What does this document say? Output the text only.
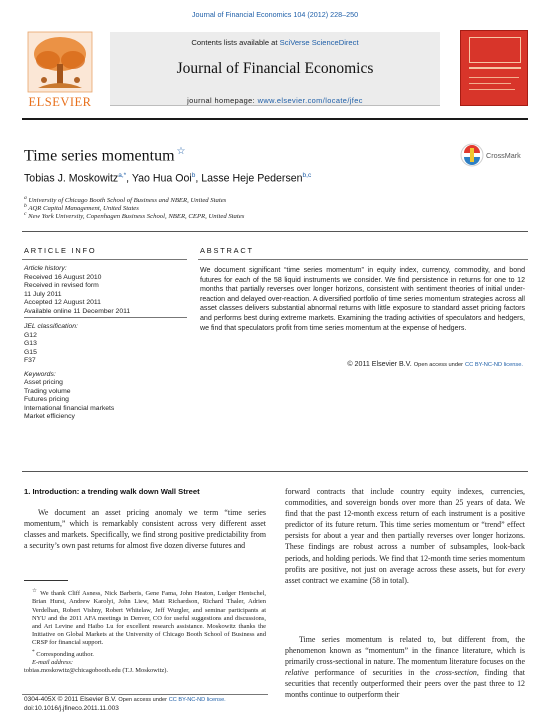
Journal of Financial Economics 104 (2012) 228–250
Contents lists available at SciVerse ScienceDirect
Journal of Financial Economics
journal homepage: www.elsevier.com/locate/jfec
ELSEVIER
Time series momentum ☆	CrossMark
Tobias J. Moskowitz$^{a,*}$, Yao Hua Ooi$^b$, Lasse Heje Pedersen$^{b,c}$
$^a$ University of Chicago Booth School of Business and NBER, United States
$^b$ AQR Capital Management, United States
$^c$ New York University, Copenhagen Business School, NBER, CEPR, United States
ARTICLE INFO	ABSTRACT
Article history:
Received 16 August 2010
Received in revised form
11 July 2011
Accepted 12 August 2011
Available online 11 December 2011
JEL classification:
G12
G13
G15
F37
Keywords:
Asset pricing
Trading volume
Futures pricing
International financial markets
Market efficiency
We document significant “time series momentum” in equity index, currency, commodity, and bond futures for each of the 58 liquid instruments we consider. We find persistence in returns for one to 12 months that partially reverses over longer horizons, consistent with sentiment theories of initial under-reaction and delayed over-reaction. A diversified portfolio of time series momentum strategies across all asset classes delivers substantial abnormal returns with little exposure to standard asset pricing factors and performs best during extreme markets. Examining the trading activities of speculators and hedgers, we find that speculators profit from time series momentum at the expense of hedgers.
© 2011 Elsevier B.V. Open access under CC BY-NC-ND license.
1. Introduction: a trending walk down Wall Street
We document an asset pricing anomaly we term “time series momentum,” which is remarkably consistent across very different asset classes and markets. Specifically, we find strong positive predictability from a security’s own past returns for almost five dozen diverse futures and
forward contracts that include country equity indexes, currencies, commodities, and sovereign bonds over more than 25 years of data. We find that the past 12-month excess return of each instrument is a positive predictor of its future return. This time series momentum or “trend” effect persists for about a year and then partially reverses over longer horizons. These findings are robust across a number of subsamples, look-back periods, and holding periods. We find that 12-month time series momentum profits are positive, not just on average across these assets, but for every asset contract we examine (58 in total).
Time series momentum is related to, but different from, the phenomenon known as “momentum” in the finance literature, which is primarily cross-sectional in nature. The momentum literature focuses on the relative performance of securities in the cross-section, finding that securities that recently outperformed their peers over the past three to 12 months continue to outperform their
☆ We thank Cliff Asness, Nick Barberis, Gene Fama, John Heaton, Ludger Hentschel, Brian Hurst, Andrew Karolyi, John Liew, Matt Richardson, Richard Thaler, Adrien Verdelhan, Robert Vishny, Robert Whitelaw, Jeff Wurgler, and seminar participants at NYU and the 2011 AFA meetings in Denver, CO for useful suggestions and discussions, and Ari Levine and Haibo Lu for excellent research assistance. Moskowitz thanks the Initiative on Global Markets at the University of Chicago Booth School of Business and CRSP for financial support.
* Corresponding author.
E-mail address:
tobias.moskowitz@chicagobooth.edu (T.J. Moskowitz).
0304-405X © 2011 Elsevier B.V. Open access under CC BY-NC-ND license.
doi:10.1016/j.jfineco.2011.11.003
